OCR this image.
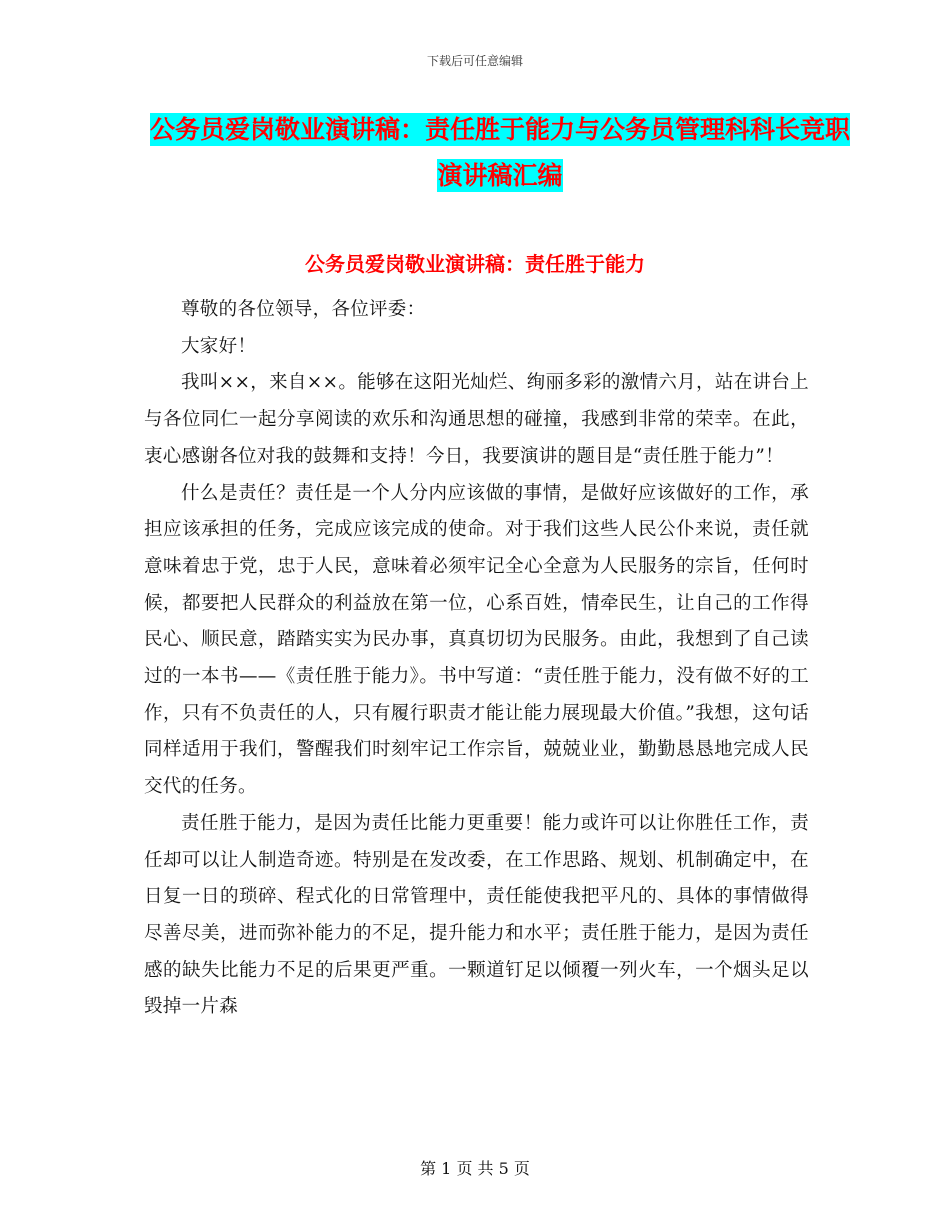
下载后可任意编辑
公务员爱岗敬业演讲稿：责任胜于能力与公务员管理科科长竞职演讲稿汇编
公务员爱岗敬业演讲稿：责任胜于能力

尊敬的各位领导，各位评委：

大家好！

我叫××，来自××。能够在这阳光灿烂、绚丽多彩的激情六月，站在讲台上与各位同仁一起分享阅读的欢乐和沟通思想的碰撞，我感到非常的荣幸。在此，衷心感谢各位对我的鼓舞和支持！今日，我要演讲的题目是“责任胜于能力”！

什么是责任？责任是一个人分内应该做的事情，是做好应该做好的工作，承担应该承担的任务，完成应该完成的使命。对于我们这些人民公仆来说，责任就意味着忠于党，忠于人民，意味着必须牢记全心全意为人民服务的宗旨，任何时候，都要把人民群众的利益放在第一位，心系百姓，情牵民生，让自己的工作得民心、顺民意，踏踏实实为民办事，真真切切为民服务。由此，我想到了自己读过的一本书——《责任胜于能力》。书中写道：“责任胜于能力，没有做不好的工作，只有不负责任的人，只有履行职责才能让能力展现最大价值。”我想，这句话同样适用于我们，警醒我们时刻牢记工作宗旨，兢兢业业，勤勤恳恳地完成人民交代的任务。

责任胜于能力，是因为责任比能力更重要！能力或许可以让你胜任工作，责任却可以让人制造奇迹。特别是在发改委，在工作思路、规划、机制确定中，在日复一日的琐碎、程式化的日常管理中，责任能使我把平凡的、具体的事情做得尽善尽美，进而弥补能力的不足，提升能力和水平；责任胜于能力，是因为责任感的缺失比能力不足的后果更严重。一颗道钉足以倾覆一列火车，一个烟头足以毁掉一片森

第 1 页 共 5 页
